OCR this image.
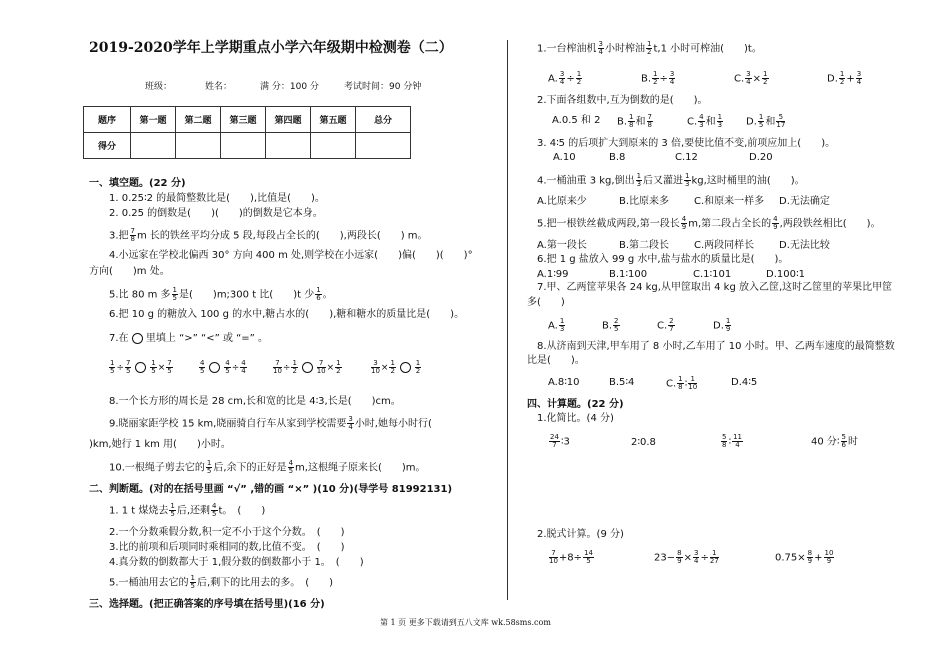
2019-2020学年上学期重点小学六年级期中检测卷（二）
班级：	姓名：	满 分：100 分	考试时间：90 分钟
题序	第一题	第二题	第三题	第四题	第五题	总分
得分						
一、填空题。(22 分)
1. 0.25∶2 的最简整数比是(　　),比值是(　　)。
2. 0.25 的倒数是(　　)(　　)的倒数是它本身。
3.把 $\frac{7}{8}$ m 长的铁丝平均分成 5 段,每段占全长的(　　),两段长(　　) m。
4.小远家在学校北偏西 30° 方向 400 m 处,则学校在小远家(　　)偏(　　)(　　)°
方向(　　)m 处。
5.比 80 m 多 $\frac{1}{5}$ 是(　　)m;300 t 比(　　)t 少 $\frac{1}{6}$ 。
6.把 10 g 的糖放入 100 g 的水中,糖占水的(　　),糖和糖水的质量比是(　　)。
7.在 里填上 “>” “<” 或 “=” 。
$\frac{1}{5} \div \frac{7}{5}$
	$\frac{1}{5} \times \frac{7}{5}$	$\frac{4}{5}$
	$\frac{4}{5} \div \frac{4}{4}$	$\frac{7}{10} \div \frac{1}{2}$
	$\frac{7}{10} \times \frac{1}{2}$	$\frac{3}{10} \times \frac{1}{2}$
	$\frac{1}{2}$
8.一个长方形的周长是 28 cm,长和宽的比是 4∶3,长是(　　)cm。
9.晓丽家距学校 15 km,晓丽骑自行车从家到学校需要 $\frac{3}{4}$ 小时,她每小时行(
)km,她行 1 km 用(　　)小时。
10.一根绳子剪去它的 $\frac{1}{5}$ 后,余下的正好是 $\frac{4}{5} m$,这根绳子原来长(　　)m。
二、判断题。(对的在括号里画 “√” ,错的画 “×” )(10 分)(导学号 81992131)
1. 1 t 煤烧去 $\frac{1}{5}$ 后,还剩 $\frac{4}{5}$ t。　(　　)
2.一个分数乘假分数,积一定不小于这个分数。　(　　)
3.比的前项和后项同时乘相同的数,比值不变。　(　　)
4.真分数的倒数都大于 1,假分数的倒数都小于 1。　(　　)
5.一桶油用去它的 $\frac{1}{5}$ 后,剩下的比用去的多。　(　　)
三、选择题。(把正确答案的序号填在括号里)(16 分)
1.一台榨油机 $\frac{3}{4}$ 小时榨油 $\frac{1}{2} t,1$ 小时可榨油(　　)t。
A. $\frac{3}{4} \div \frac{1}{2}$	B. $\frac{1}{2} \div \frac{3}{4}$	C. $\frac{3}{4} \times \frac{1}{2}$	D. $\frac{1}{2} + \frac{3}{4}$
2.下面各组数中,互为倒数的是(　　)。
A.0.5 和 2 B. $\frac{1}{8}$ 和 $\frac{7}{8}$	C. $\frac{4}{3}$ 和 $\frac{1}{3} D$. $\frac{1}{5}$ 和 $\frac{5}{17}$
3. 4∶5 的后项扩大到原来的 3 倍,要使比值不变,前项应加上(　　)。
A.10	B.8	C.12	D.20
4.一桶油重 3 kg,倒出 $\frac{1}{3}$ 后又灌进 $\frac{1}{3}$ kg,这时桶里的油(　　)。
A.比原来少	B.比原来多 C.和原来一样多 D.无法确定
5.把一根铁丝截成两段,第一段长 $\frac{4}{9} m$,第二段占全长的 $\frac{4}{9}$ ,两段铁丝相比(　　)。
A.第一段长	B.第二段长 C.两段同样长 D.无法比较
6.把 1 g 盐放入 99 g 水中,盐与盐水的质量比是(　　)。
A.1∶99	B.1∶100	C.1∶101	D.100∶1
7.甲、乙两筐苹果各 24 kg,从甲筐取出 4 kg 放入乙筐,这时乙筐里的苹果比甲筐
多(　　)
A. $\frac{1}{3}$	B. $\frac{2}{5}$	C. $\frac{2}{7}$	D. $\frac{1}{9}$
8.从济南到天津,甲车用了 8 小时,乙车用了 10 小时。甲、乙两车速度的最简整数
比是(　　)。
A.8∶10	B.5∶4	C. $\frac{1}{8}$ ∶ $\frac{1}{10}$	D.4∶5
四、计算题。(22 分)
1.化简比。(4 分)
$\frac{24}{7}$ ∶3	2∶0.8	$\frac{5}{8}$ ∶ $\frac{11}{4}$	40 分∶ $\frac{5}{6}$ 时
2.脱式计算。(9 分)
$\frac{7}{10} +8\div \frac{14}{5}$	$23- \frac{8}{9} \times \frac{3}{4} \div \frac{1}{27}$	$0.75\times \frac{8}{9} + \frac{10}{9}$
第 1 页 更多下载请到五八文库 wk.58sms.com
